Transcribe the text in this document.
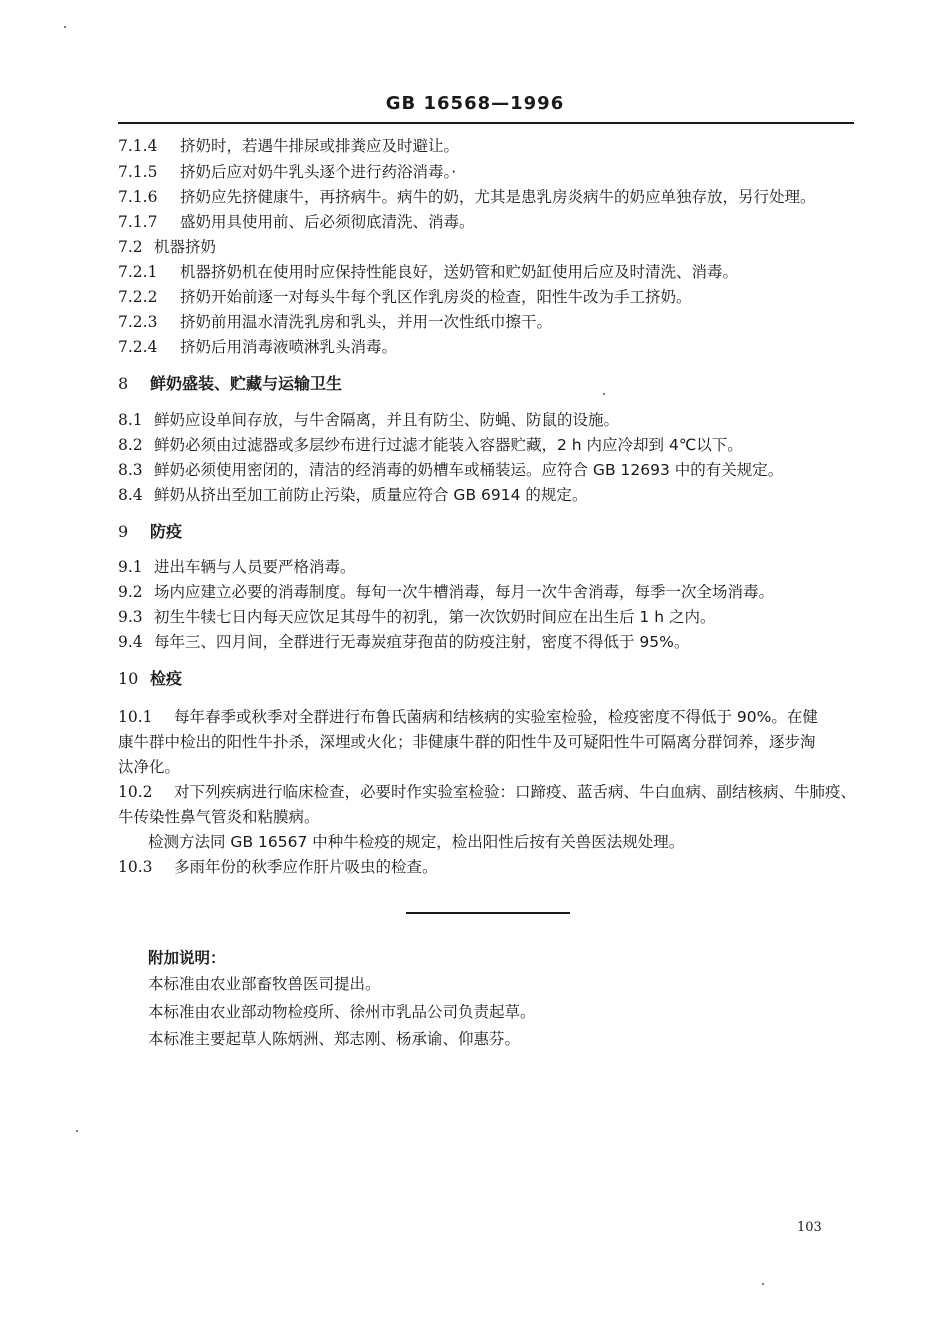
GB 16568—1996
7.1.4 挤奶时，若遇牛排尿或排粪应及时避让。
7.1.5 挤奶后应对奶牛乳头逐个进行药浴消毒。·
7.1.6 挤奶应先挤健康牛，再挤病牛。病牛的奶，尤其是患乳房炎病牛的奶应单独存放，另行处理。
7.1.7 盛奶用具使用前、后必须彻底清洗、消毒。
7.2 机器挤奶
7.2.1 机器挤奶机在使用时应保持性能良好，送奶管和贮奶缸使用后应及时清洗、消毒。
7.2.2 挤奶开始前逐一对每头牛每个乳区作乳房炎的检查，阳性牛改为手工挤奶。
7.2.3 挤奶前用温水清洗乳房和乳头，并用一次性纸巾擦干。
7.2.4 挤奶后用消毒液喷淋乳头消毒。
8 鲜奶盛装、贮藏与运输卫生
8.1 鲜奶应设单间存放，与牛舍隔离，并且有防尘、防蝇、防鼠的设施。
8.2 鲜奶必须由过滤器或多层纱布进行过滤才能装入容器贮藏，2 h 内应冷却到 4℃以下。
8.3 鲜奶必须使用密闭的，清洁的经消毒的奶槽车或桶装运。应符合 GB 12693 中的有关规定。
8.4 鲜奶从挤出至加工前防止污染，质量应符合 GB 6914 的规定。
9 防疫
9.1 进出车辆与人员要严格消毒。
9.2 场内应建立必要的消毒制度。每旬一次牛槽消毒，每月一次牛舍消毒，每季一次全场消毒。
9.3 初生牛犊七日内每天应饮足其母牛的初乳，第一次饮奶时间应在出生后 1 h 之内。
9.4 每年三、四月间，全群进行无毒炭疽芽孢苗的防疫注射，密度不得低于 95%。
10 检疫
10.1 每年春季或秋季对全群进行布鲁氏菌病和结核病的实验室检验，检疫密度不得低于 90%。在健
康牛群中检出的阳性牛扑杀，深埋或火化；非健康牛群的阳性牛及可疑阳性牛可隔离分群饲养，逐步淘
汰净化。
10.2 对下列疾病进行临床检查，必要时作实验室检验：口蹄疫、蓝舌病、牛白血病、副结核病、牛肺疫、
牛传染性鼻气管炎和粘膜病。
检测方法同 GB 16567 中种牛检疫的规定，检出阳性后按有关兽医法规处理。
10.3 多雨年份的秋季应作肝片吸虫的检查。
附加说明：
本标准由农业部畜牧兽医司提出。
本标准由农业部动物检疫所、徐州市乳品公司负责起草。
本标准主要起草人陈炳洲、郑志刚、杨承谕、仰惠芬。
103
